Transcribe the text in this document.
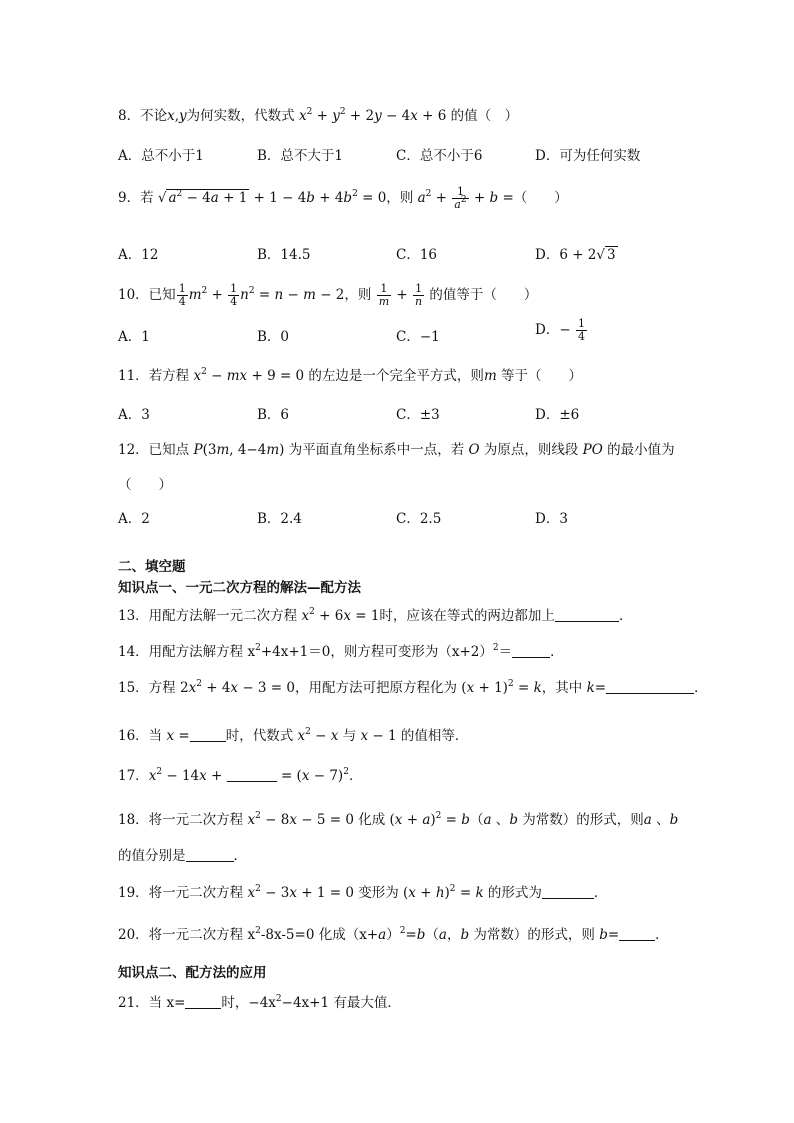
8．不论x,y为何实数，代数式 $x^2 + y^2 + 2y - 4x + 6$ 的值（　）
A．总不小于1	B．总不大于1	C．总不小于6	D．可为任何实数
9．若 √ $a^2 - 4a + 1 + 1 - 4b + 4b^2 = 0$，则 $a^2 + \frac{1}{a^2} + b$ =（　　）
A．12	B．14.5	C．16	D．6 + 2√ 3
10．已知 $\frac{1}{4} m^2 + \frac{1}{4} n^2 = n - m - 2$，则 $\frac{1}{m} + \frac{1}{n}$ 的值等于（　　）
A．1	B．0	C．−1	D．− $\frac{1}{4}$
11．若方程 $x^2$ − mx + 9 = 0 的左边是一个完全平方式，则m 等于（　　）
A．3	B．6	C．±3	D．±6
12．已知点 P(3m, 4−4m) 为平面直角坐标系中一点，若 O 为原点，则线段 PO 的最小值为
（　　）
A．2	B．2.4	C．2.5	D．3
二、填空题
知识点一、一元二次方程的解法—配方法
13．用配方法解一元二次方程 $x^2 + 6x = 1$时，应该在等式的两边都加上	．
14．用配方法解方程 $x^2+4x+1=0$，则方程可变形为$(x+2)^2=$	．
15．方程 $2x^2 + 4x - 3 = 0$，用配方法可把原方程化为 $(x + 1)^2 = k$，其中 k=	．
16．当 x =	时，代数式 $x^2 - x$ 与 x − 1 的值相等．
17．$x^2 - 14x$ +	= $(x - 7)^2$．
18．将一元二次方程 $x^2 - 8x - 5 = 0$ 化成 $(x + a)^2 = b(a$ 、b 为常数）的形式，则a 、b
的值分别是	．
19．将一元二次方程 $x^2 - 3x + 1 = 0$ 变形为 $(x + h)^2 = k$ 的形式为	．
20．将一元二次方程 $x^2-8x-5=0$ 化成$(x+a)^2=b(a$，b 为常数）的形式，则 b=	．
知识点二、配方法的应用
21．当 x=	时，$-4x^2-4x+1$ 有最大值．
